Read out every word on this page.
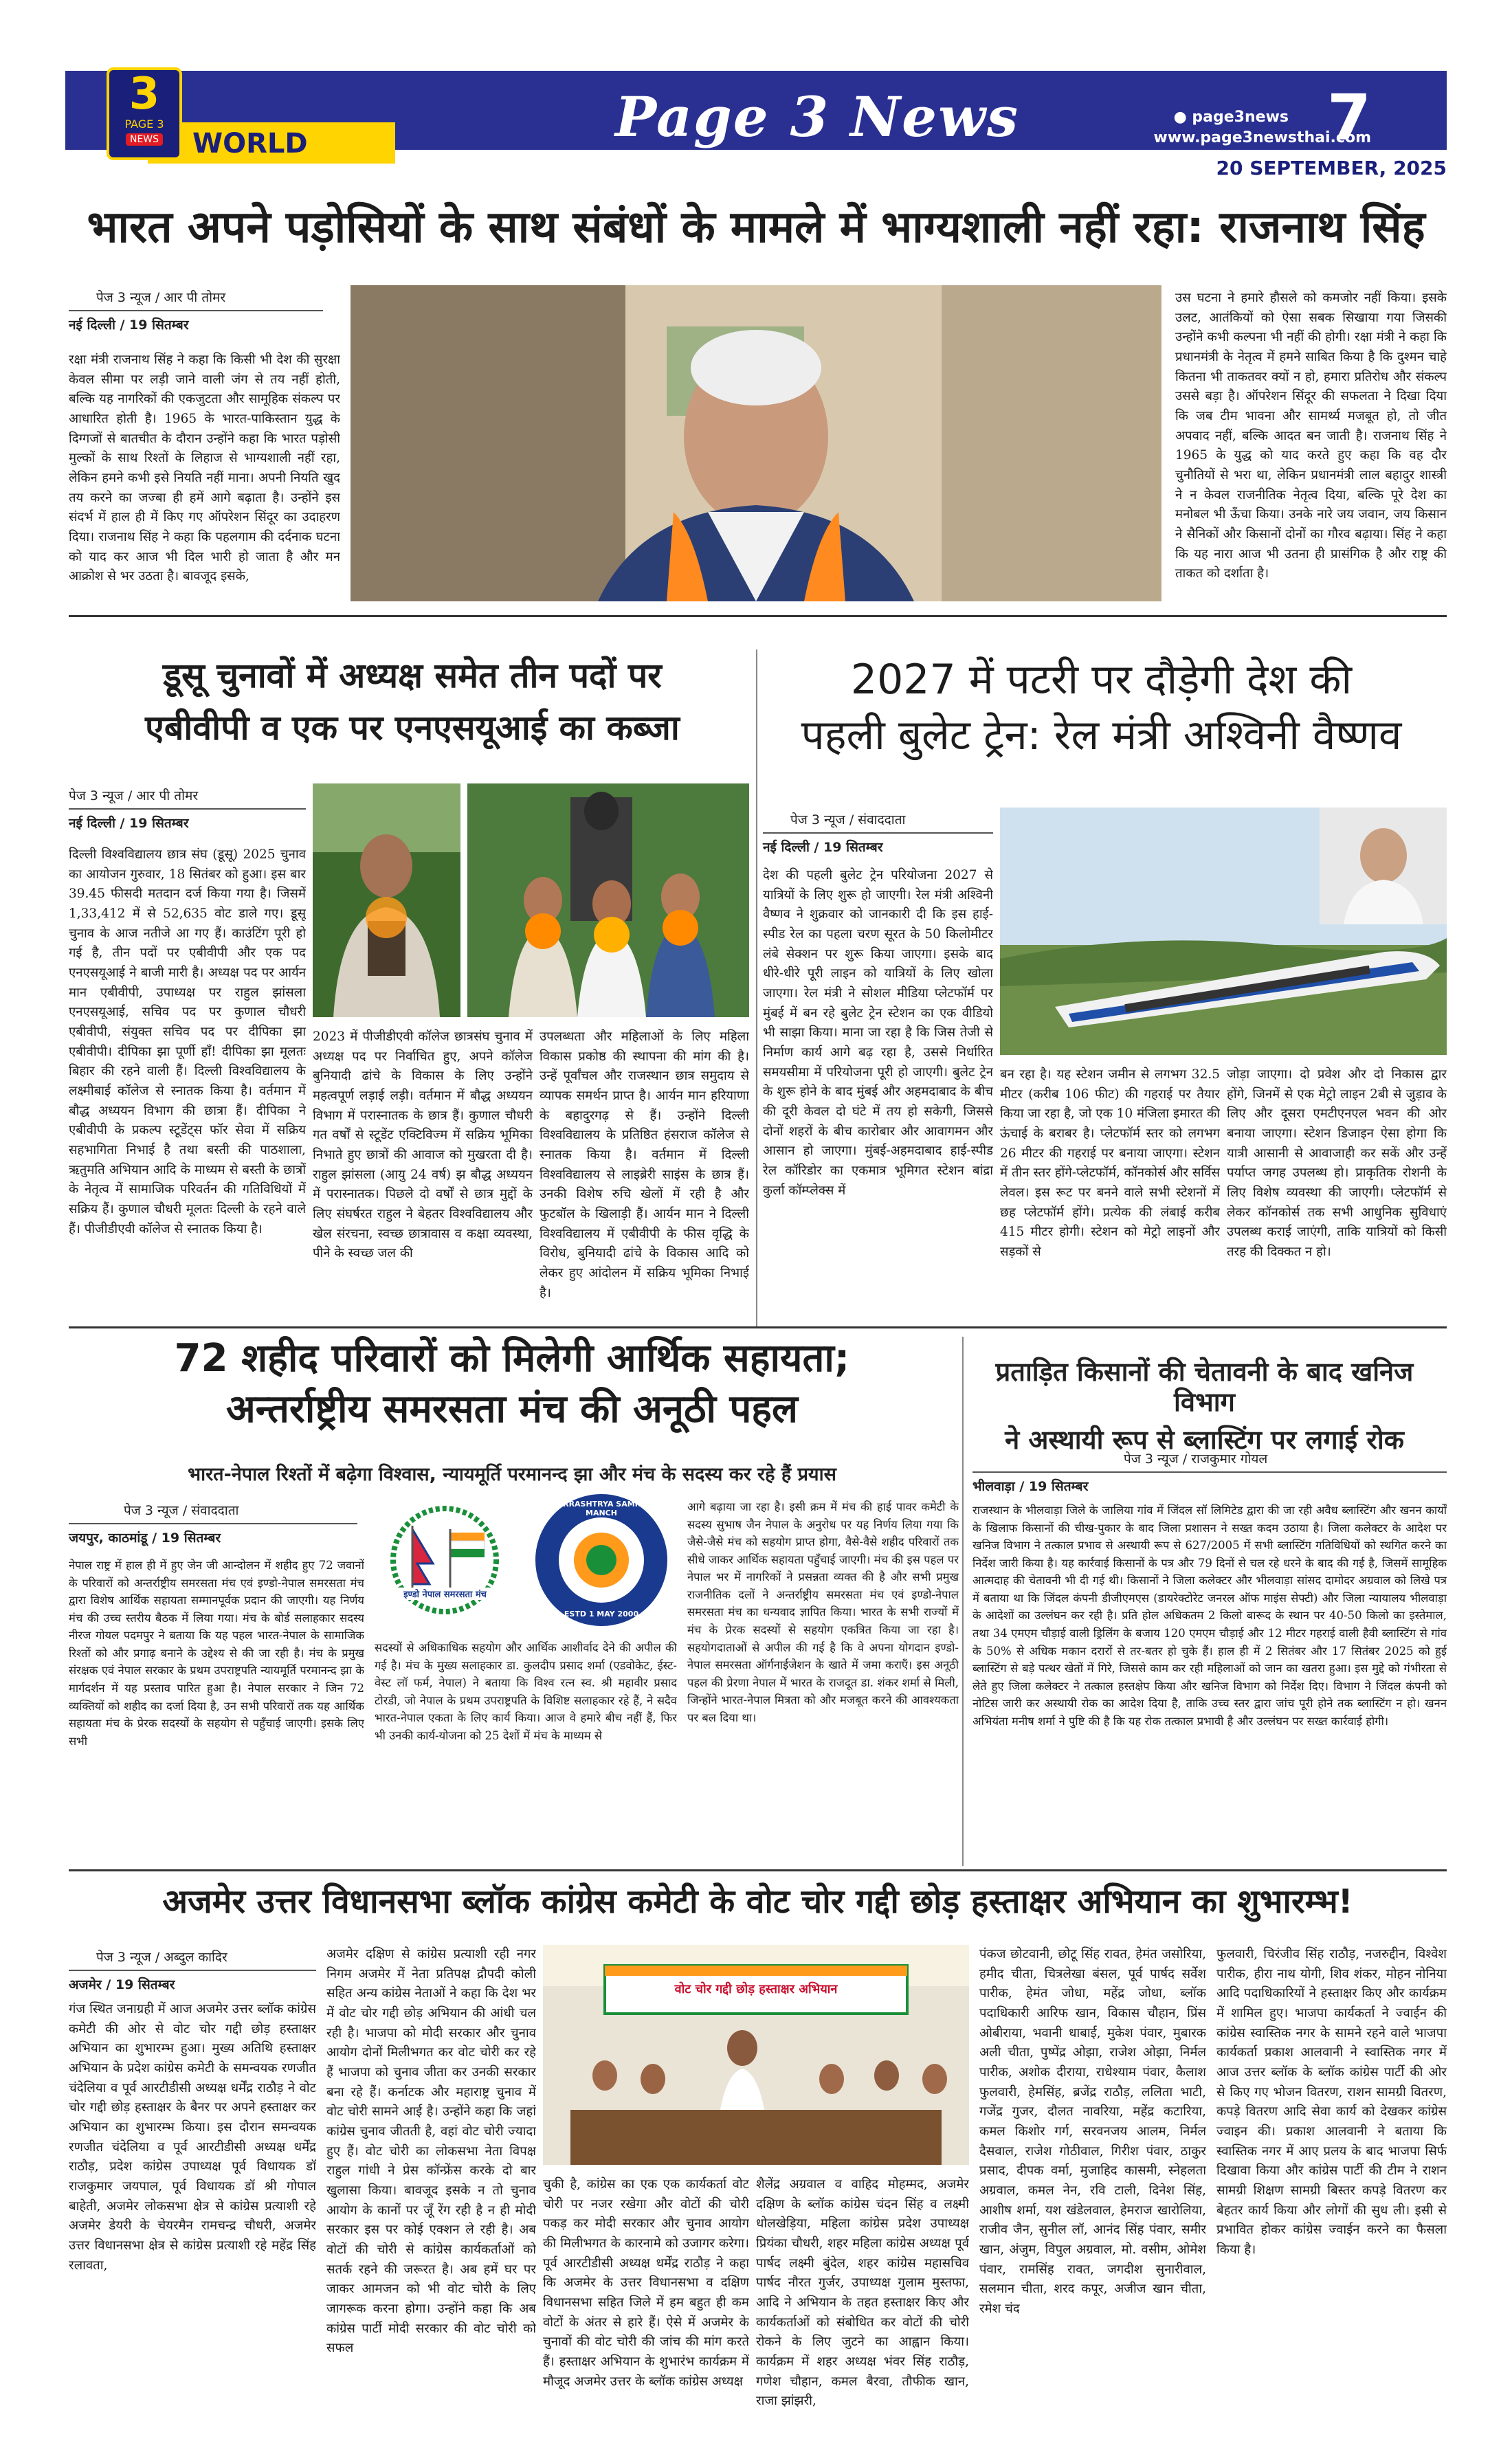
3
PAGE 3
NEWS	WORLD	Page 3 News	● page3news 7
www.page3newsthai.com
20 SEPTEMBER, 2025
भारत अपने पड़ोसियों के साथ संबंधों के मामले में भाग्यशाली नहीं रहा: राजनाथ सिंह
पेज 3 न्यूज / आर पी तोमर
नई दिल्ली / 19 सितम्बर
रक्षा मंत्री राजनाथ सिंह ने कहा कि किसी भी देश की सुरक्षा केवल सीमा पर लड़ी जाने वाली जंग से तय नहीं होती, बल्कि यह नागरिकों की एकजुटता और सामूहिक संकल्प पर आधारित होती है। 1965 के भारत-पाकिस्तान युद्ध के दिग्गजों से बातचीत के दौरान उन्होंने कहा कि भारत पड़ोसी मुल्कों के साथ रिश्तों के लिहाज से भाग्यशाली नहीं रहा, लेकिन हमने कभी इसे नियति नहीं माना। अपनी नियति खुद तय करने का जज्बा ही हमें आगे बढ़ाता है। उन्होंने इस संदर्भ में हाल ही में किए गए ऑपरेशन सिंदूर का उदाहरण दिया। राजनाथ सिंह ने कहा कि पहलगाम की दर्दनाक घटना को याद कर आज भी दिल भारी हो जाता है और मन आक्रोश से भर उठता है। बावजूद इसके,
उस घटना ने हमारे हौसले को कमजोर नहीं किया। इसके उलट, आतंकियों को ऐसा सबक सिखाया गया जिसकी उन्होंने कभी कल्पना भी नहीं की होगी। रक्षा मंत्री ने कहा कि प्रधानमंत्री के नेतृत्व में हमने साबित किया है कि दुश्मन चाहे कितना भी ताकतवर क्यों न हो, हमारा प्रतिरोध और संकल्प उससे बड़ा है। ऑपरेशन सिंदूर की सफलता ने दिखा दिया कि जब टीम भावना और सामर्थ्य मजबूत हो, तो जीत अपवाद नहीं, बल्कि आदत बन जाती है। राजनाथ सिंह ने 1965 के युद्ध को याद करते हुए कहा कि वह दौर चुनौतियों से भरा था, लेकिन प्रधानमंत्री लाल बहादुर शास्त्री ने न केवल राजनीतिक नेतृत्व दिया, बल्कि पूरे देश का मनोबल भी ऊँचा किया। उनके नारे जय जवान, जय किसान ने सैनिकों और किसानों दोनों का गौरव बढ़ाया। सिंह ने कहा कि यह नारा आज भी उतना ही प्रासंगिक है और राष्ट्र की ताकत को दर्शाता है।
डूसू चुनावों में अध्यक्ष समेत तीन पदों पर
एबीवीपी व एक पर एनएसयूआई का कब्जा
पेज 3 न्यूज / आर पी तोमर
नई दिल्ली / 19 सितम्बर
दिल्ली विश्वविद्यालय छात्र संघ (डूसू) 2025 चुनाव का आयोजन गुरुवार, 18 सितंबर को हुआ। इस बार 39.45 फीसदी मतदान दर्ज किया गया है। जिसमें 1,33,412 में से 52,635 वोट डाले गए। डूसू चुनाव के आज नतीजे आ गए हैं। काउंटिंग पूरी हो गई है, तीन पदों पर एबीवीपी और एक पद एनएसयूआई ने बाजी मारी है। अध्यक्ष पद पर आर्यन मान एबीवीपी, उपाध्यक्ष पर राहुल झांसला एनएसयूआई, सचिव पद पर कुणाल चौधरी एबीवीपी, संयुक्त सचिव पद पर दीपिका झा एबीवीपी। दीपिका झा पूर्णी हाँ! दीपिका झा मूलतः बिहार की रहने वाली हैं। दिल्ली विश्वविद्यालय के लक्ष्मीबाई कॉलेज से स्नातक किया है। वर्तमान में बौद्ध अध्ययन विभाग की छात्रा हैं। दीपिका ने एबीवीपी के प्रकल्प स्टूडेंट्स फॉर सेवा में सक्रिय सहभागिता निभाई है तथा बस्ती की पाठशाला, ऋतुमति अभियान आदि के माध्यम से बस्ती के छात्रों के नेतृत्व में सामाजिक परिवर्तन की गतिविधियों में सक्रिय हैं। कुणाल चौधरी मूलतः दिल्ली के रहने वाले हैं। पीजीडीएवी कॉलेज से स्नातक किया है।
2023 में पीजीडीएवी कॉलेज छात्रसंघ चुनाव में अध्यक्ष पद पर निर्वाचित हुए, अपने कॉलेज बुनियादी ढांचे के विकास के लिए उन्होंने महत्वपूर्ण लड़ाई लड़ी। वर्तमान में बौद्ध अध्ययन विभाग में परास्नातक के छात्र हैं। कुणाल चौधरी गत वर्षों से स्टूडेंट एक्टिविज्म में सक्रिय भूमिका निभाते हुए छात्रों की आवाज को मुखरता दी है। राहुल झांसला (आयु 24 वर्ष) झ बौद्ध अध्ययन में परास्नातक। पिछले दो वर्षों से छात्र मुद्दों के लिए संघर्षरत राहुल ने बेहतर विश्वविद्यालय और खेल संरचना, स्वच्छ छात्रावास व कक्षा व्यवस्था, पीने के स्वच्छ जल की
उपलब्धता और महिलाओं के लिए महिला विकास प्रकोष्ठ की स्थापना की मांग की है। उन्हें पूर्वांचल और राजस्थान छात्र समुदाय से व्यापक समर्थन प्राप्त है। आर्यन मान हरियाणा के बहादुरगढ़ से हैं। उन्होंने दिल्ली विश्वविद्यालय के प्रतिष्ठित हंसराज कॉलेज से स्नातक किया है। वर्तमान में दिल्ली विश्वविद्यालय से लाइब्रेरी साइंस के छात्र हैं। उनकी विशेष रुचि खेलों में रही है और फुटबॉल के खिलाड़ी हैं। आर्यन मान ने दिल्ली विश्वविद्यालय में एबीवीपी के फीस वृद्धि के विरोध, बुनियादी ढांचे के विकास आदि को लेकर हुए आंदोलन में सक्रिय भूमिका निभाई है।
2027 में पटरी पर दौड़ेगी देश की
पहली बुलेट ट्रेन: रेल मंत्री अश्विनी वैष्णव
पेज 3 न्यूज / संवाददाता
नई दिल्ली / 19 सितम्बर
देश की पहली बुलेट ट्रेन परियोजना 2027 से यात्रियों के लिए शुरू हो जाएगी। रेल मंत्री अश्विनी वैष्णव ने शुक्रवार को जानकारी दी कि इस हाई-स्पीड रेल का पहला चरण सूरत के 50 किलोमीटर लंबे सेक्शन पर शुरू किया जाएगा। इसके बाद धीरे-धीरे पूरी लाइन को यात्रियों के लिए खोला जाएगा। रेल मंत्री ने सोशल मीडिया प्लेटफॉर्म पर मुंबई में बन रहे बुलेट ट्रेन स्टेशन का एक वीडियो भी साझा किया। माना जा रहा है कि जिस तेजी से निर्माण कार्य आगे बढ़ रहा है, उससे निर्धारित समयसीमा में परियोजना पूरी हो जाएगी। बुलेट ट्रेन के शुरू होने के बाद मुंबई और अहमदाबाद के बीच की दूरी केवल दो घंटे में तय हो सकेगी, जिससे दोनों शहरों के बीच कारोबार और आवागमन और आसान हो जाएगा। मुंबई-अहमदाबाद हाई-स्पीड रेल कॉरिडोर का एकमात्र भूमिगत स्टेशन बांद्रा कुर्ला कॉम्प्लेक्स में
बन रहा है। यह स्टेशन जमीन से लगभग 32.5 मीटर (करीब 106 फीट) की गहराई पर तैयार किया जा रहा है, जो एक 10 मंजिला इमारत की ऊंचाई के बराबर है। प्लेटफॉर्म स्तर को लगभग 26 मीटर की गहराई पर बनाया जाएगा। स्टेशन में तीन स्तर होंगे-प्लेटफॉर्म, कॉनकोर्स और सर्विस लेवल। इस रूट पर बनने वाले सभी स्टेशनों में छह प्लेटफॉर्म होंगे। प्रत्येक की लंबाई करीब 415 मीटर होगी। स्टेशन को मेट्रो लाइनों और सड़कों से
जोड़ा जाएगा। दो प्रवेश और दो निकास द्वार होंगे, जिनमें से एक मेट्रो लाइन 2बी से जुड़ाव के लिए और दूसरा एमटीएनएल भवन की ओर बनाया जाएगा। स्टेशन डिजाइन ऐसा होगा कि यात्री आसानी से आवाजाही कर सकें और उन्हें पर्याप्त जगह उपलब्ध हो। प्राकृतिक रोशनी के लिए विशेष व्यवस्था की जाएगी। प्लेटफॉर्म से लेकर कॉनकोर्स तक सभी आधुनिक सुविधाएं उपलब्ध कराई जाएंगी, ताकि यात्रियों को किसी तरह की दिक्कत न हो।
72 शहीद परिवारों को मिलेगी आर्थिक सहायता;
अन्तर्राष्ट्रीय समरसता मंच की अनूठी पहल
भारत-नेपाल रिश्तों में बढ़ेगा विश्वास, न्यायमूर्ति परमानन्द झा और मंच के सदस्य कर रहे हैं प्रयास
पेज 3 न्यूज / संवाददाता
जयपुर, काठमांडू / 19 सितम्बर
नेपाल राष्ट्र में हाल ही में हुए जेन जी आन्दोलन में शहीद हुए 72 जवानों के परिवारों को अन्तर्राष्ट्रीय समरसता मंच एवं इण्डो-नेपाल समरसता मंच द्वारा विशेष आर्थिक सहायता सम्मानपूर्वक प्रदान की जाएगी। यह निर्णय मंच की उच्च स्तरीय बैठक में लिया गया। मंच के बोर्ड सलाहकार सदस्य नीरज गोयल पदमपुर ने बताया कि यह पहल भारत-नेपाल के सामाजिक रिश्तों को और प्रगाढ़ बनाने के उद्देश्य से की जा रही है। मंच के प्रमुख संरक्षक एवं नेपाल सरकार के प्रथम उपराष्ट्रपति न्यायमूर्ति परमानन्द झा के मार्गदर्शन में यह प्रस्ताव पारित हुआ है। नेपाल सरकार ने जिन 72 व्यक्तियों को शहीद का दर्जा दिया है, उन सभी परिवारों तक यह आर्थिक सहायता मंच के प्रेरक सदस्यों के सहयोग से पहुँचाई जाएगी। इसके लिए सभी
इण्डो नेपाल समरसता मंच
ANTARRASHTRYA SAMRASTA MANCH
ESTD 1 MAY 2000
सदस्यों से अधिकाधिक सहयोग और आर्थिक आशीर्वाद देने की अपील की गई है। मंच के मुख्य सलाहकार डा. कुलदीप प्रसाद शर्मा (एडवोकेट, ईस्ट-वेस्ट लॉ फर्म, नेपाल) ने बताया कि विश्व रत्न स्व. श्री महावीर प्रसाद टोरडी, जो नेपाल के प्रथम उपराष्ट्रपति के विशिष्ट सलाहकार रहे हैं, ने सदैव भारत-नेपाल एकता के लिए कार्य किया। आज वे हमारे बीच नहीं हैं, फिर भी उनकी कार्य-योजना को 25 देशों में मंच के माध्यम से
आगे बढ़ाया जा रहा है। इसी क्रम में मंच की हाई पावर कमेटी के सदस्य सुभाष जैन नेपाल के अनुरोध पर यह निर्णय लिया गया कि जैसे-जैसे मंच को सहयोग प्राप्त होगा, वैसे-वैसे शहीद परिवारों तक सीधे जाकर आर्थिक सहायता पहुँचाई जाएगी। मंच की इस पहल पर नेपाल भर में नागरिकों ने प्रसन्नता व्यक्त की है और सभी प्रमुख राजनीतिक दलों ने अन्तर्राष्ट्रीय समरसता मंच एवं इण्डो-नेपाल समरसता मंच का धन्यवाद ज्ञापित किया। भारत के सभी राज्यों में मंच के प्रेरक सदस्यों से सहयोग एकत्रित किया जा रहा है। सहयोगदाताओं से अपील की गई है कि वे अपना योगदान इण्डो-नेपाल समरसता ऑर्गनाईजेशन के खाते में जमा कराएँ। इस अनूठी पहल की प्रेरणा नेपाल में भारत के राजदूत डा. शंकर शर्मा से मिली, जिन्होंने भारत-नेपाल मित्रता को और मजबूत करने की आवश्यकता पर बल दिया था।
प्रताड़ित किसानों की चेतावनी के बाद खनिज विभाग
ने अस्थायी रूप से ब्लास्टिंग पर लगाई रोक
पेज 3 न्यूज / राजकुमार गोयल
भीलवाड़ा / 19 सितम्बर
राजस्थान के भीलवाड़ा जिले के जालिया गांव में जिंदल सॉ लिमिटेड द्वारा की जा रही अवैध ब्लास्टिंग और खनन कार्यों के खिलाफ किसानों की चीख-पुकार के बाद जिला प्रशासन ने सख्त कदम उठाया है। जिला कलेक्टर के आदेश पर खनिज विभाग ने तत्काल प्रभाव से अस्थायी रूप से 627/2005 में सभी ब्लास्टिंग गतिविधियों को स्थगित करने का निर्देश जारी किया है। यह कार्रवाई किसानों के पत्र और 79 दिनों से चल रहे धरने के बाद की गई है, जिसमें सामूहिक आत्मदाह की चेतावनी भी दी गई थी। किसानों ने जिला कलेक्टर और भीलवाड़ा सांसद दामोदर अग्रवाल को लिखे पत्र में बताया था कि जिंदल कंपनी डीजीएमएस (डायरेक्टोरेट जनरल ऑफ माइंस सेफ्टी) और जिला न्यायालय भीलवाड़ा के आदेशों का उल्लंघन कर रही है। प्रति होल अधिकतम 2 किलो बारूद के स्थान पर 40-50 किलो का इस्तेमाल, तथा 34 एमएम चौड़ाई वाली ड्रिलिंग के बजाय 120 एमएम चौड़ाई और 12 मीटर गहराई वाली हैवी ब्लास्टिंग से गांव के 50% से अधिक मकान दरारों से तर-बतर हो चुके हैं। हाल ही में 2 सितंबर और 17 सितंबर 2025 को हुई ब्लास्टिंग से बड़े पत्थर खेतों में गिरे, जिससे काम कर रही महिलाओं को जान का खतरा हुआ। इस मुद्दे को गंभीरता से लेते हुए जिला कलेक्टर ने तत्काल हस्तक्षेप किया और खनिज विभाग को निर्देश दिए। विभाग ने जिंदल कंपनी को नोटिस जारी कर अस्थायी रोक का आदेश दिया है, ताकि उच्च स्तर द्वारा जांच पूरी होने तक ब्लास्टिंग न हो। खनन अभियंता मनीष शर्मा ने पुष्टि की है कि यह रोक तत्काल प्रभावी है और उल्लंघन पर सख्त कार्रवाई होगी।
अजमेर उत्तर विधानसभा ब्लॉक कांग्रेस कमेटी के वोट चोर गद्दी छोड़ हस्ताक्षर अभियान का शुभारम्भ!
पेज 3 न्यूज / अब्दुल कादिर
अजमेर / 19 सितम्बर
गंज स्थित जनाग्रही में आज अजमेर उत्तर ब्लॉक कांग्रेस कमेटी की ओर से वोट चोर गद्दी छोड़ हस्ताक्षर अभियान का शुभारम्भ हुआ। मुख्य अतिथि हस्ताक्षर अभियान के प्रदेश कांग्रेस कमेटी के समन्वयक रणजीत चंदेलिया व पूर्व आरटीडीसी अध्यक्ष धर्मेंद्र राठौड़ ने वोट चोर गद्दी छोड़ हस्ताक्षर के बैनर पर अपने हस्ताक्षर कर अभियान का शुभारम्भ किया। इस दौरान समन्वयक रणजीत चंदेलिया व पूर्व आरटीडीसी अध्यक्ष धर्मेंद्र राठौड़, प्रदेश कांग्रेस उपाध्यक्ष पूर्व विधायक डॉ राजकुमार जयपाल, पूर्व विधायक डॉ श्री गोपाल बाहेती, अजमेर लोकसभा क्षेत्र से कांग्रेस प्रत्याशी रहे अजमेर डेयरी के चेयरमैन रामचन्द्र चौधरी, अजमेर उत्तर विधानसभा क्षेत्र से कांग्रेस प्रत्याशी रहे महेंद्र सिंह रलावता,
अजमेर दक्षिण से कांग्रेस प्रत्याशी रही नगर निगम अजमेर में नेता प्रतिपक्ष द्रौपदी कोली सहित अन्य कांग्रेस नेताओं ने कहा कि देश भर में वोट चोर गद्दी छोड़ अभियान की आंधी चल रही है। भाजपा को मोदी सरकार और चुनाव आयोग दोनों मिलीभगत कर वोट चोरी कर रहे हैं भाजपा को चुनाव जीता कर उनकी सरकार बना रहे हैं। कर्नाटक और महाराष्ट्र चुनाव में वोट चोरी सामने आई है। उन्होंने कहा कि जहां कांग्रेस चुनाव जीतती है, वहां वोट चोरी ज्यादा हुए हैं। वोट चोरी का लोकसभा नेता विपक्ष राहुल गांधी ने प्रेस कॉन्फ्रेंस करके दो बार खुलासा किया। बावजूद इसके न तो चुनाव आयोग के कानों पर जूँ रेंग रही है न ही मोदी सरकार इस पर कोई एक्शन ले रही है। अब वोटों की चोरी से कांग्रेस कार्यकर्ताओं को सतर्क रहने की जरूरत है। अब हमें घर पर जाकर आमजन को भी वोट चोरी के लिए जागरूक करना होगा। उन्होंने कहा कि अब कांग्रेस पार्टी मोदी सरकार की वोट चोरी को सफल
वोट चोर गद्दी छोड़ हस्ताक्षर अभियान
चुकी है, कांग्रेस का एक एक कार्यकर्ता वोट चोरी पर नजर रखेगा और वोटों की चोरी पकड़ कर मोदी सरकार और चुनाव आयोग की मिलीभगत के कारनामे को उजागर करेगा। पूर्व आरटीडीसी अध्यक्ष धर्मेंद्र राठौड़ ने कहा कि अजमेर के उत्तर विधानसभा व दक्षिण विधानसभा सहित जिले में हम बहुत ही कम वोटों के अंतर से हारे हैं। ऐसे में अजमेर के चुनावों की वोट चोरी की जांच की मांग करते हैं। हस्ताक्षर अभियान के शुभारंभ कार्यक्रम में मौजूद अजमेर उत्तर के ब्लॉक कांग्रेस अध्यक्ष
शैलेंद्र अग्रवाल व वाहिद मोहम्मद, अजमेर दक्षिण के ब्लॉक कांग्रेस चंदन सिंह व लक्ष्मी धोलखेड़िया, महिला कांग्रेस प्रदेश उपाध्यक्ष प्रियंका चौधरी, शहर महिला कांग्रेस अध्यक्ष पूर्व पार्षद लक्ष्मी बुंदेल, शहर कांग्रेस महासचिव पार्षद नौरत गुर्जर, उपाध्यक्ष गुलाम मुस्तफा, आदि ने अभियान के तहत हस्ताक्षर किए और कार्यकर्ताओं को संबोधित कर वोटों की चोरी रोकने के लिए जुटने का आह्वान किया। कार्यक्रम में शहर अध्यक्ष भंवर सिंह राठौड़, गणेश चौहान, कमल बैरवा, तौफीक खान, राजा झांझरी,
पंकज छोटवानी, छोटू सिंह रावत, हेमंत जसोरिया, हमीद चीता, चित्रलेखा बंसल, पूर्व पार्षद सर्वेश पारीक, हेमंत जोधा, महेंद्र जोधा, ब्लॉक पदाधिकारी आरिफ खान, विकास चौहान, प्रिंस ओबीराया, भवानी धाबाई, मुकेश पंवार, मुबारक अली चीता, पुष्पेंद्र ओझा, राजेश ओझा, निर्मल पारीक, अशोक दीराया, राधेश्याम पंवार, कैलाश फुलवारी, हेमसिंह, ब्रजेंद्र राठौड़, ललिता भाटी, गजेंद्र गुजर, दौलत नावरिया, महेंद्र कटारिया, कमल किशोर गर्ग, सरवनजय आलम, निर्मल दैसवाल, राजेश गोठीवाल, गिरीश पंवार, ठाकुर प्रसाद, दीपक वर्मा, मुजाहिद कासमी, स्नेहलता अग्रवाल, कमल नेन, रवि टाली, दिनेश सिंह, आशीष शर्मा, यश खंडेलवाल, हेमराज खारोलिया, राजीव जैन, सुनील लॉ, आनंद सिंह पंवार, समीर खान, अंजुम, विपुल अग्रवाल, मो. वसीम, ओमेश पंवार, रामसिंह रावत, जगदीश सुनारीवाल, सलमान चीता, शरद कपूर, अजीज खान चीता, रमेश चंद
फुलवारी, चिरंजीव सिंह राठौड़, नजरुद्दीन, विश्वेश पारीक, हीरा नाथ योगी, शिव शंकर, मोहन नोनिया आदि पदाधिकारियों ने हस्ताक्षर किए और कार्यक्रम में शामिल हुए। भाजपा कार्यकर्ता ने ज्वाईन की कांग्रेस स्वास्तिक नगर के सामने रहने वाले भाजपा कार्यकर्ता प्रकाश आलवानी ने स्वास्तिक नगर में आज उत्तर ब्लॉक के ब्लॉक कांग्रेस पार्टी की ओर से किए गए भोजन वितरण, राशन सामग्री वितरण, कपड़े वितरण आदि सेवा कार्य को देखकर कांग्रेस ज्वाइन की। प्रकाश आलवानी ने बताया कि स्वास्तिक नगर में आए प्रलय के बाद भाजपा सिर्फ दिखावा किया और कांग्रेस पार्टी की टीम ने राशन सामग्री शिक्षण सामग्री बिस्तर कपड़े वितरण कर बेहतर कार्य किया और लोगों की सुध ली। इसी से प्रभावित होकर कांग्रेस ज्वाईन करने का फैसला किया है।
